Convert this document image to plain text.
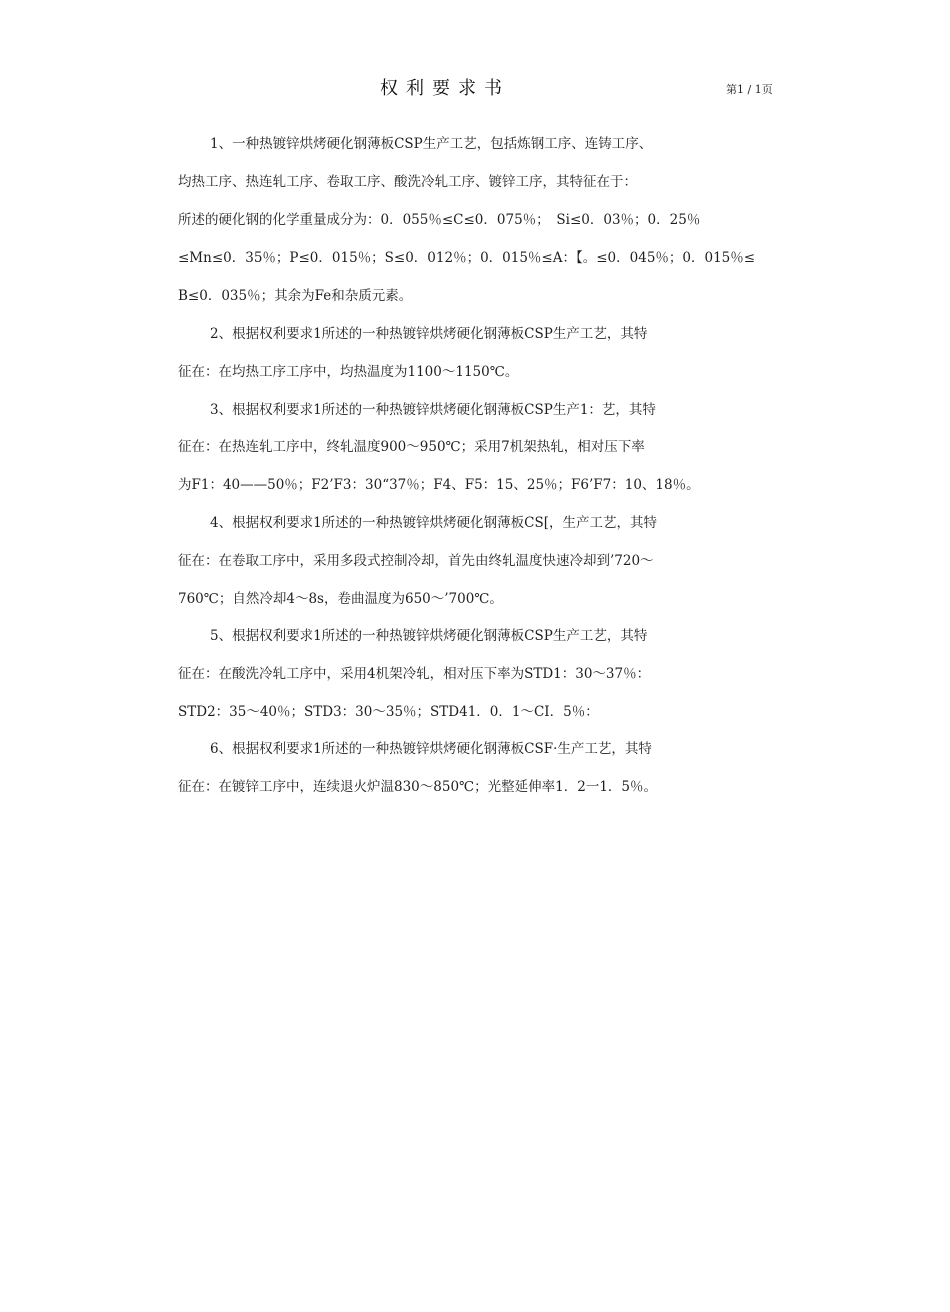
权利要求书	第1 / 1页
1、一种热镀锌烘烤硬化钢薄板CSP生产工艺，包括炼钢工序、连铸工序、
均热工序、热连轧工序、卷取工序、酸洗冷轧工序、镀锌工序，其特征在于：
所述的硬化钢的化学重量成分为：0．055％≤C≤0．075％；　Si≤0．03％；0．25％
≤Mn≤0．35％；P≤0．015％；S≤0．012％；0．015％≤A：【。≤0．045％；0．015％≤
B≤0．035％；其余为Fe和杂质元素。
2、根据权利要求1所述的一种热镀锌烘烤硬化钢薄板CSP生产工艺，其特
征在：在均热工序工序中，均热温度为1100～1150℃。
3、根据权利要求1所述的一种热镀锌烘烤硬化钢薄板CSP生产1：艺，其特
征在：在热连轧工序中，终轧温度900～950℃；采用7机架热轧，相对压下率
为F1：40——50％；F2’F3：30“37％；F4、F5：15、25％；F6’F7：10、18％。
4、根据权利要求1所述的一种热镀锌烘烤硬化钢薄板CS[，生产工艺，其特
征在：在卷取工序中，采用多段式控制冷却，首先由终轧温度快速冷却到’720～
760℃；自然冷却4～8s，卷曲温度为650～’700℃。
5、根据权利要求1所述的一种热镀锌烘烤硬化钢薄板CSP生产工艺，其特
征在：在酸洗冷轧工序中，采用4机架冷轧，相对压下率为STD1：30～37％：
STD2：35～40％；STD3：30～35％；STD41．0．1～CI．5％：
6、根据权利要求1所述的一种热镀锌烘烤硬化钢薄板CSF·生产工艺，其特
征在：在镀锌工序中，连续退火炉温830～850℃；光整延伸率1．2一1．5％。
